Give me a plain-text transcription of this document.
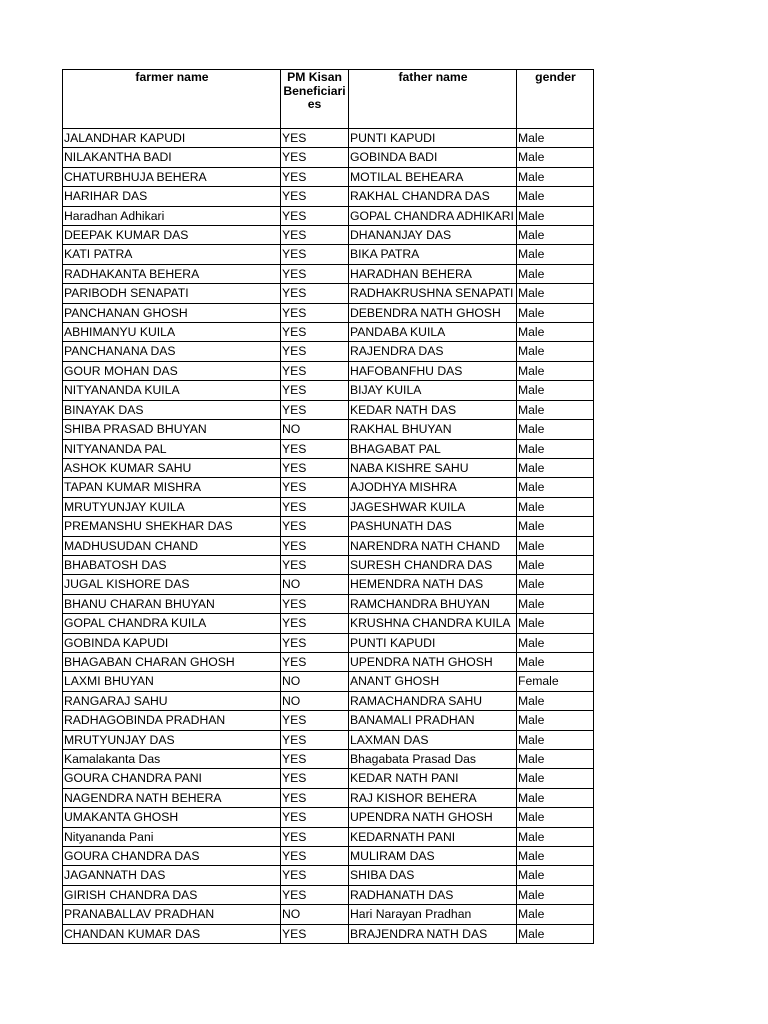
farmer name	PM Kisan Beneficiaries	father name	gender
JALANDHAR KAPUDI	YES	PUNTI KAPUDI	Male
NILAKANTHA BADI	YES	GOBINDA BADI	Male
CHATURBHUJA BEHERA	YES	MOTILAL BEHEARA	Male
HARIHAR DAS	YES	RAKHAL CHANDRA DAS	Male
Haradhan Adhikari	YES	GOPAL CHANDRA ADHIKARI	Male
DEEPAK KUMAR DAS	YES	DHANANJAY DAS	Male
KATI PATRA	YES	BIKA PATRA	Male
RADHAKANTA BEHERA	YES	HARADHAN BEHERA	Male
PARIBODH SENAPATI	YES	RADHAKRUSHNA SENAPATI	Male
PANCHANAN GHOSH	YES	DEBENDRA NATH GHOSH	Male
ABHIMANYU KUILA	YES	PANDABA KUILA	Male
PANCHANANA DAS	YES	RAJENDRA DAS	Male
GOUR MOHAN DAS	YES	HAFOBANFHU DAS	Male
NITYANANDA KUILA	YES	BIJAY KUILA	Male
BINAYAK DAS	YES	KEDAR NATH DAS	Male
SHIBA PRASAD BHUYAN	NO	RAKHAL BHUYAN	Male
NITYANANDA PAL	YES	BHAGABAT PAL	Male
ASHOK KUMAR SAHU	YES	NABA KISHRE SAHU	Male
TAPAN KUMAR MISHRA	YES	AJODHYA MISHRA	Male
MRUTYUNJAY KUILA	YES	JAGESHWAR KUILA	Male
PREMANSHU SHEKHAR DAS	YES	PASHUNATH DAS	Male
MADHUSUDAN CHAND	YES	NARENDRA NATH CHAND	Male
BHABATOSH DAS	YES	SURESH CHANDRA DAS	Male
JUGAL KISHORE DAS	NO	HEMENDRA NATH DAS	Male
BHANU CHARAN BHUYAN	YES	RAMCHANDRA BHUYAN	Male
GOPAL CHANDRA KUILA	YES	KRUSHNA CHANDRA KUILA	Male
GOBINDA KAPUDI	YES	PUNTI KAPUDI	Male
BHAGABAN CHARAN GHOSH	YES	UPENDRA NATH GHOSH	Male
LAXMI BHUYAN	NO	ANANT GHOSH	Female
RANGARAJ SAHU	NO	RAMACHANDRA SAHU	Male
RADHAGOBINDA PRADHAN	YES	BANAMALI PRADHAN	Male
MRUTYUNJAY DAS	YES	LAXMAN DAS	Male
Kamalakanta Das	YES	Bhagabata Prasad Das	Male
GOURA CHANDRA PANI	YES	KEDAR NATH PANI	Male
NAGENDRA NATH BEHERA	YES	RAJ KISHOR BEHERA	Male
UMAKANTA GHOSH	YES	UPENDRA NATH GHOSH	Male
Nityananda Pani	YES	KEDARNATH PANI	Male
GOURA CHANDRA DAS	YES	MULIRAM DAS	Male
JAGANNATH DAS	YES	SHIBA DAS	Male
GIRISH CHANDRA DAS	YES	RADHANATH DAS	Male
PRANABALLAV PRADHAN	NO	Hari Narayan Pradhan	Male
CHANDAN KUMAR DAS	YES	BRAJENDRA NATH DAS	Male
